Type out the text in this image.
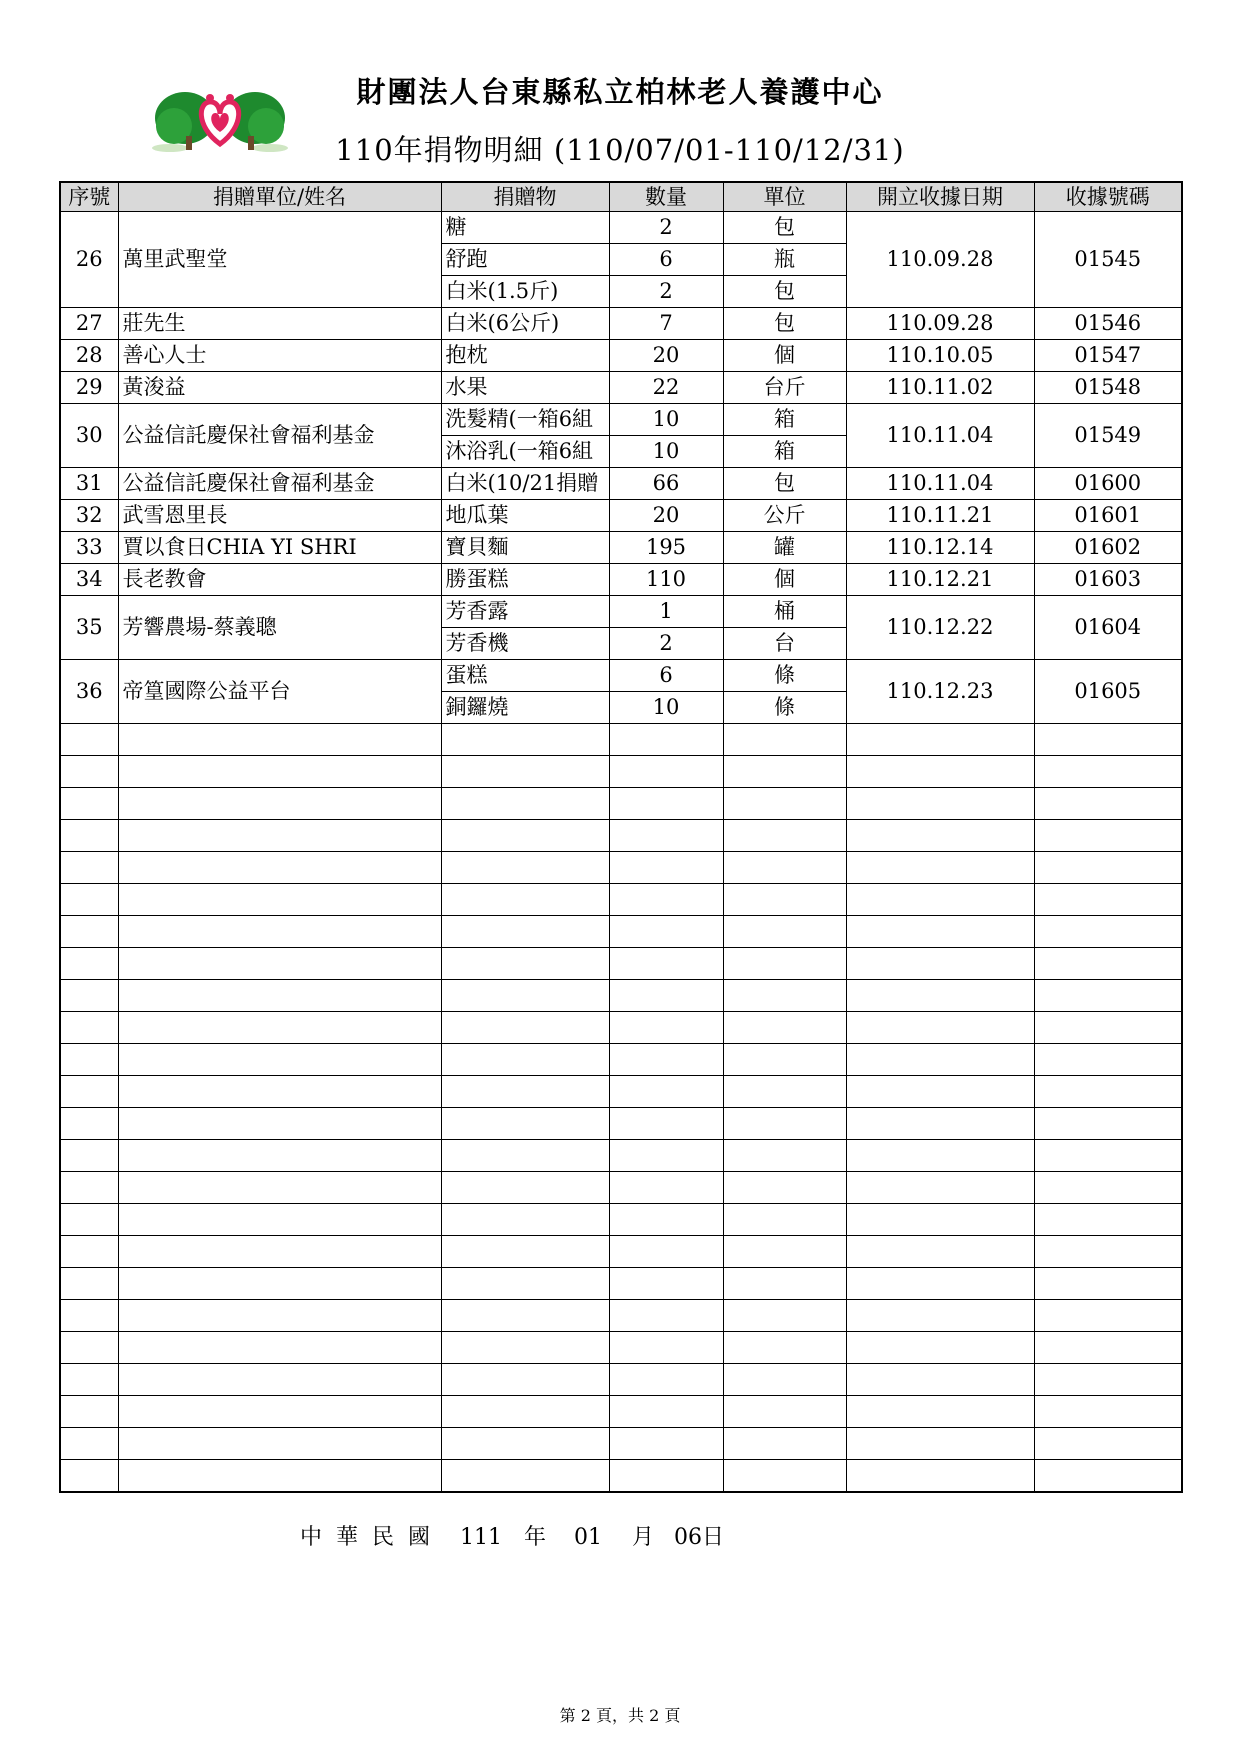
財團法人台東縣私立柏林老人養護中心
110年捐物明細 (110/07/01-110/12/31)
序號	捐贈單位/姓名	捐贈物	數量	單位	開立收據日期	收據號碼
26	萬里武聖堂	糖	2	包	110.09.28	01545
		舒跑	6	瓶		
		白米(1.5斤)	2	包		
27	莊先生	白米(6公斤)	7	包	110.09.28	01546
28	善心人士	抱枕	20	個	110.10.05	01547
29	黃浚益	水果	22	台斤	110.11.02	01548
30	公益信託慶保社會福利基金	洗髮精(一箱6組	10	箱	110.11.04	01549
		沐浴乳(一箱6組	10	箱		
31	公益信託慶保社會福利基金	白米(10/21捐贈	66	包	110.11.04	01600
32	武雪恩里長	地瓜葉	20	公斤	110.11.21	01601
33	賈以食日CHIA YI SHRI	寶貝麵	195	罐	110.12.14	01602
34	長老教會	勝蛋糕	110	個	110.12.21	01603
35	芳響農場-蔡義聰	芳香露	1	桶	110.12.22	01604
		芳香機	2	台		
36	帝篁國際公益平台	蛋糕	6	條	110.12.23	01605
		銅鑼燒	10	條		

中 華 民 國 111 年 01 月 06日
第 2 頁，共 2 頁
